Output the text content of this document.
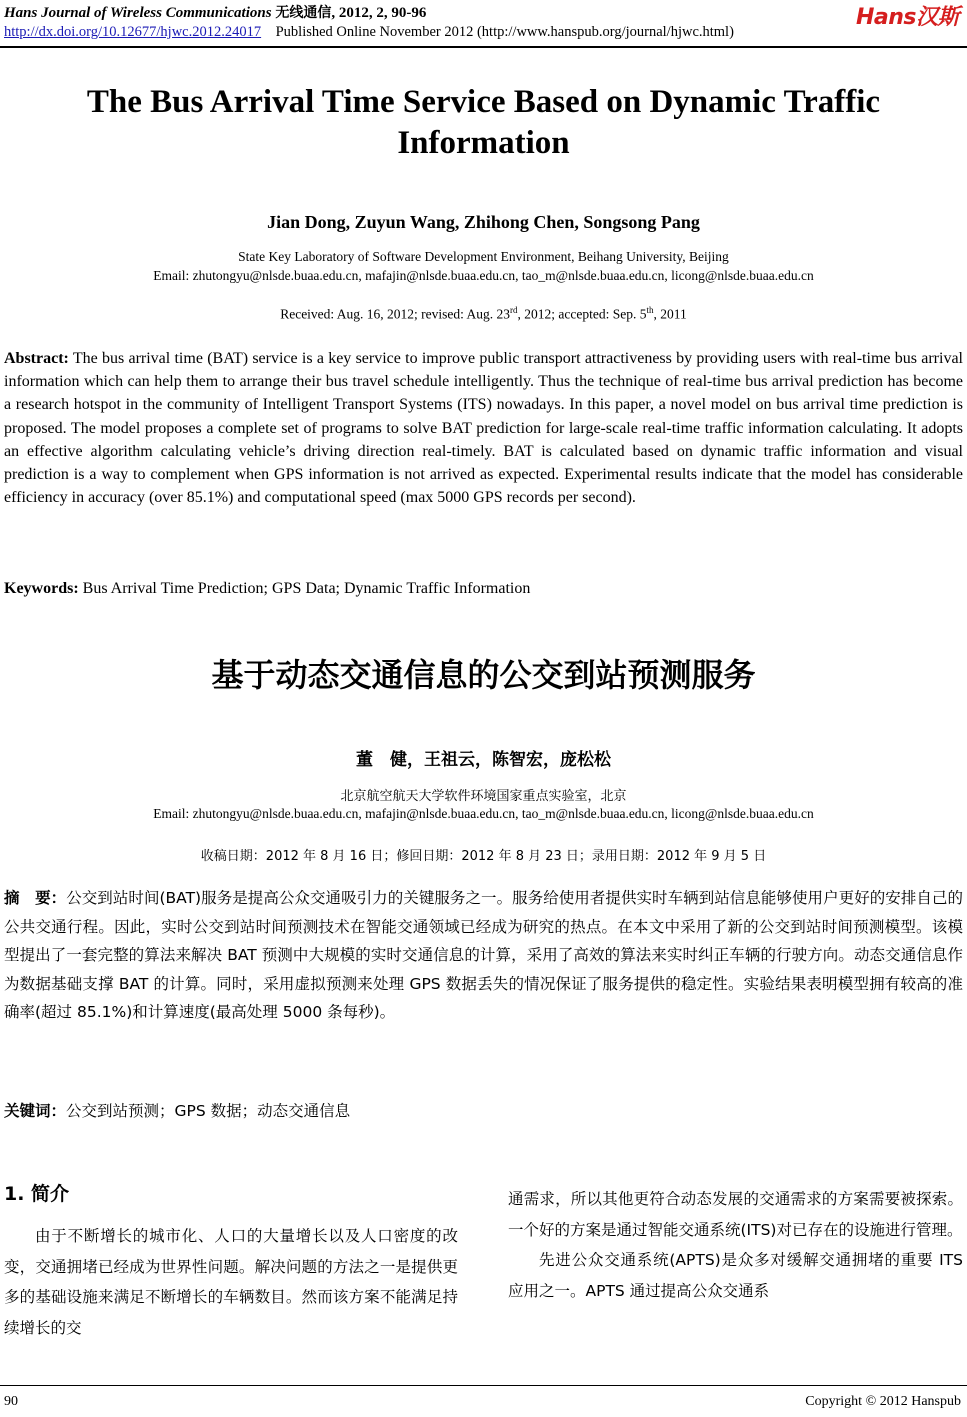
Hans Journal of Wireless Communications 无线通信, 2012, 2, 90-96
http://dx.doi.org/10.12677/hjwc.2012.24017 Published Online November 2012 (http://www.hanspub.org/journal/hjwc.html)
Hans汉斯
The Bus Arrival Time Service Based on Dynamic Traffic Information
Jian Dong, Zuyun Wang, Zhihong Chen, Songsong Pang
State Key Laboratory of Software Development Environment, Beihang University, Beijing
Email: zhutongyu@nlsde.buaa.edu.cn, mafajin@nlsde.buaa.edu.cn, tao_m@nlsde.buaa.edu.cn, licong@nlsde.buaa.edu.cn
Received: Aug. 16, 2012; revised: Aug. 23rd, 2012; accepted: Sep. 5th, 2011
Abstract: The bus arrival time (BAT) service is a key service to improve public transport attractiveness by providing users with real-time bus arrival information which can help them to arrange their bus travel schedule intelligently. Thus the technique of real-time bus arrival prediction has become a research hotspot in the community of Intelligent Transport Systems (ITS) nowadays. In this paper, a novel model on bus arrival time prediction is proposed. The model proposes a complete set of programs to solve BAT prediction for large-scale real-time traffic information calculating. It adopts an effective algorithm calculating vehicle’s driving direction real-timely. BAT is calculated based on dynamic traffic information and visual prediction is a way to complement when GPS information is not arrived as expected. Experimental results indicate that the model has considerable efficiency in accuracy (over 85.1%) and computational speed (max 5000 GPS records per second).
Keywords: Bus Arrival Time Prediction; GPS Data; Dynamic Traffic Information
基于动态交通信息的公交到站预测服务
董　健，王祖云，陈智宏，庞松松
北京航空航天大学软件环境国家重点实验室，北京
Email: zhutongyu@nlsde.buaa.edu.cn, mafajin@nlsde.buaa.edu.cn, tao_m@nlsde.buaa.edu.cn, licong@nlsde.buaa.edu.cn
收稿日期：2012 年 8 月 16 日；修回日期：2012 年 8 月 23 日；录用日期：2012 年 9 月 5 日
摘　要：公交到站时间(BAT)服务是提高公众交通吸引力的关键服务之一。服务给使用者提供实时车辆到站信息能够使用户更好的安排自己的公共交通行程。因此，实时公交到站时间预测技术在智能交通领域已经成为研究的热点。在本文中采用了新的公交到站时间预测模型。该模型提出了一套完整的算法来解决 BAT 预测中大规模的实时交通信息的计算，采用了高效的算法来实时纠正车辆的行驶方向。动态交通信息作为数据基础支撑 BAT 的计算。同时，采用虚拟预测来处理 GPS 数据丢失的情况保证了服务提供的稳定性。实验结果表明模型拥有较高的准确率(超过 85.1%)和计算速度(最高处理 5000 条每秒)。
关键词：公交到站预测；GPS 数据；动态交通信息
1. 简介
由于不断增长的城市化、人口的大量增长以及人口密度的改变，交通拥堵已经成为世界性问题。解决问题的方法之一是提供更多的基础设施来满足不断增长的车辆数目。然而该方案不能满足持续增长的交
通需求，所以其他更符合动态发展的交通需求的方案需要被探索。一个好的方案是通过智能交通系统(ITS)对已存在的设施进行管理。
先进公众交通系统(APTS)是众多对缓解交通拥堵的重要 ITS 应用之一。APTS 通过提高公众交通系
90	Copyright © 2012 Hanspub
